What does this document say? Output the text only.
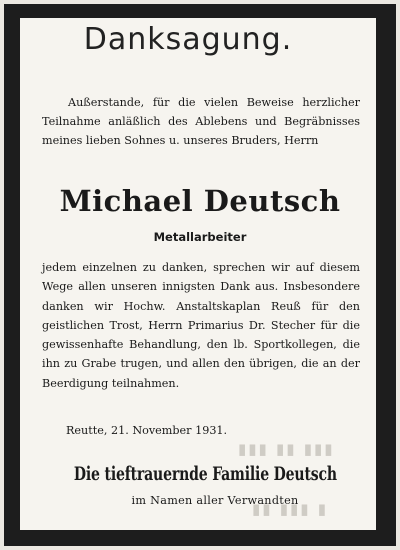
▮▮▮ ▮▮ ▮▮▮
▮▮ ▮▮▮ ▮
Danksagung.
Außerstande, für die vielen Beweise herzlicher Teilnahme anläßlich des Ablebens und Begräbnisses meines lieben Sohnes u. unseres Bruders, Herrn
Michael Deutsch
Metallarbeiter
jedem einzelnen zu danken, sprechen wir auf diesem Wege allen unseren innigsten Dank aus. Insbesondere danken wir Hochw. Anstaltskaplan Reuß für den geistlichen Trost, Herrn Primarius Dr. Stecher für die gewissenhafte Behandlung, den lb. Sportkollegen, die ihn zu Grabe trugen, und allen den übrigen, die an der Beerdigung teilnahmen.
Reutte, 21. November 1931.
Die tieftrauernde Familie Deutsch
im Namen aller Verwandten
